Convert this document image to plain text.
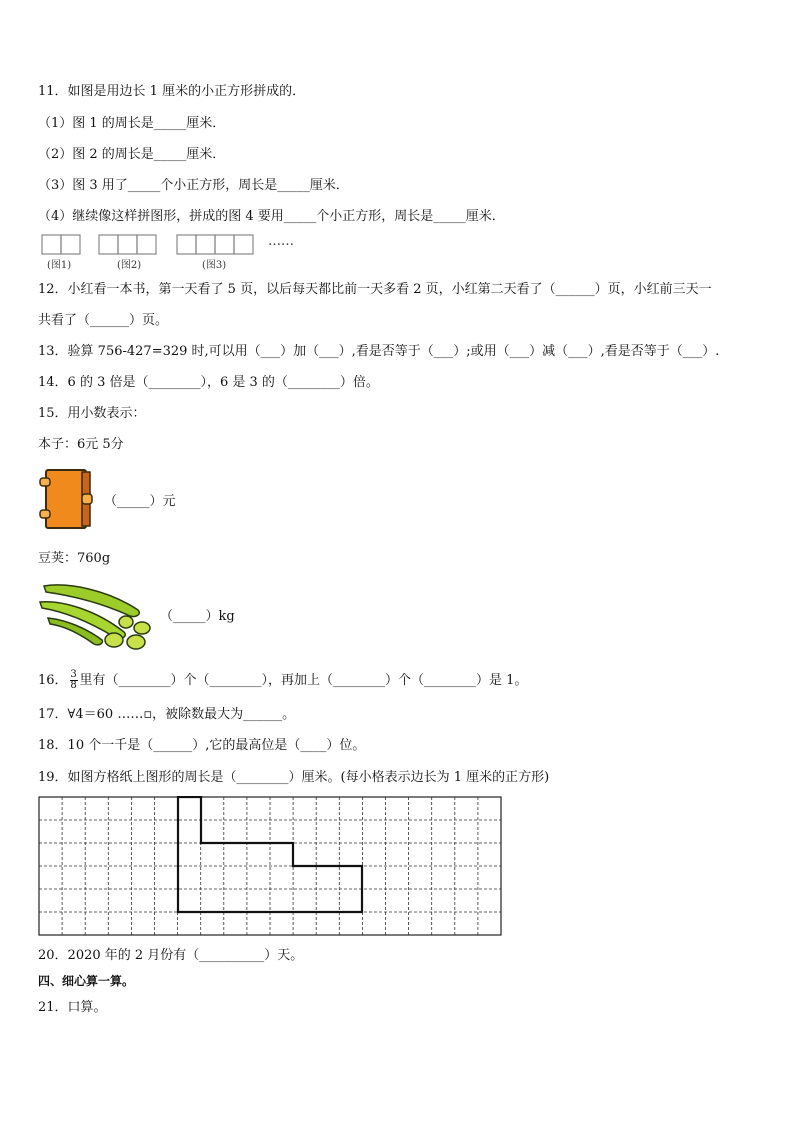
11．如图是用边长 1 厘米的小正方形拼成的．
（1）图 1 的周长是_____厘米．
（2）图 2 的周长是_____厘米．
（3）图 3 用了_____个小正方形，周长是_____厘米．
（4）继续像这样拼图形，拼成的图 4 要用_____个小正方形，周长是_____厘米．
……
(图1)	(图2)	(图3)
12．小红看一本书，第一天看了 5 页，以后每天都比前一天多看 2 页，小红第二天看了（______）页，小红前三天一
共看了（______）页。
13．验算 756-427=329 时,可以用（___）加（___）,看是否等于（___）;或用（___）减（___）,看是否等于（___）.
14．6 的 3 倍是（________），6 是 3 的（________）倍。
15．用小数表示：
本子：6元 5分
（_____）元
豆荚：760g
（_____）kg
16． $\frac{3}{8}$ 里有（________）个（________），再加上（________）个（________）是 1。
17．∀4＝60 ……▫，被除数最大为______。
18．10 个一千是（______）,它的最高位是（____）位。
19．如图方格纸上图形的周长是（________）厘米。(每小格表示边长为 1 厘米的正方形)
20．2020 年的 2 月份有（__________）天。
四、细心算一算。
21．口算。
